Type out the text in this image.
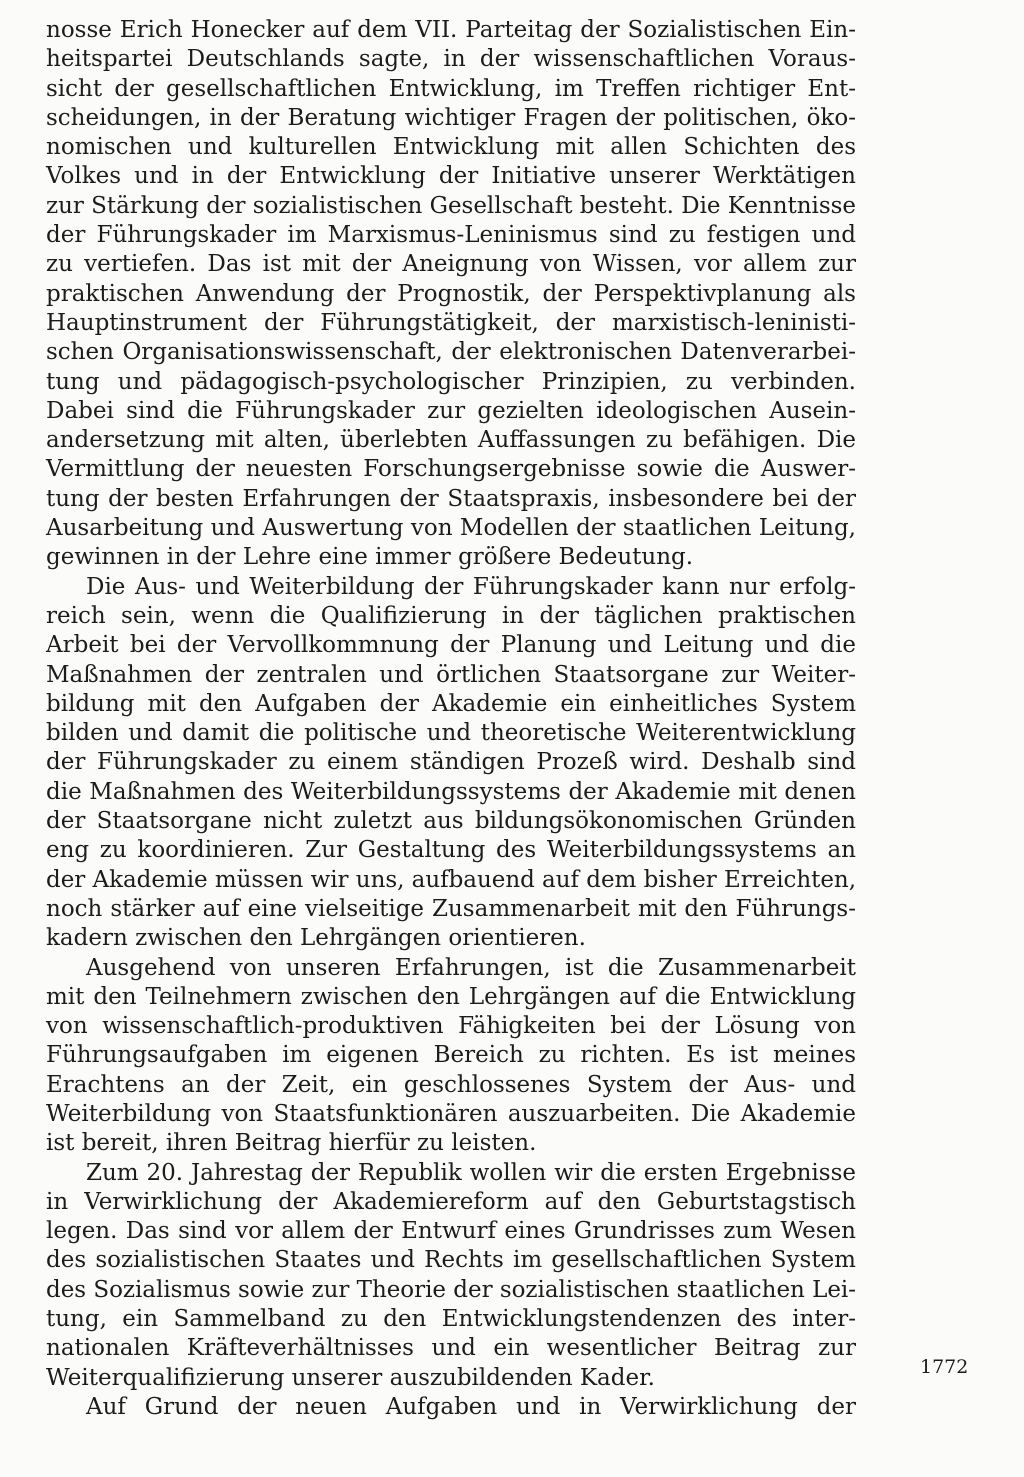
nosse Erich Honecker auf dem VII. Parteitag der Sozialistischen Ein-
heitspartei Deutschlands sagte, in der wissenschaftlichen Voraus-
sicht der gesellschaftlichen Entwicklung, im Treffen richtiger Ent-
scheidungen, in der Beratung wichtiger Fragen der politischen, öko-
nomischen und kulturellen Entwicklung mit allen Schichten des
Volkes und in der Entwicklung der Initiative unserer Werktätigen
zur Stärkung der sozialistischen Gesellschaft besteht. Die Kenntnisse
der Führungskader im Marxismus-Leninismus sind zu festigen und
zu vertiefen. Das ist mit der Aneignung von Wissen, vor allem zur
praktischen Anwendung der Prognostik, der Perspektivplanung als
Hauptinstrument der Führungstätigkeit, der marxistisch-leninisti-
schen Organisationswissenschaft, der elektronischen Datenverarbei-
tung und pädagogisch-psychologischer Prinzipien, zu verbinden.
Dabei sind die Führungskader zur gezielten ideologischen Ausein-
andersetzung mit alten, überlebten Auffassungen zu befähigen. Die
Vermittlung der neuesten Forschungsergebnisse sowie die Auswer-
tung der besten Erfahrungen der Staatspraxis, insbesondere bei der
Ausarbeitung und Auswertung von Modellen der staatlichen Leitung,
gewinnen in der Lehre eine immer größere Bedeutung.
Die Aus- und Weiterbildung der Führungskader kann nur erfolg-
reich sein, wenn die Qualifizierung in der täglichen praktischen
Arbeit bei der Vervollkommnung der Planung und Leitung und die
Maßnahmen der zentralen und örtlichen Staatsorgane zur Weiter-
bildung mit den Aufgaben der Akademie ein einheitliches System
bilden und damit die politische und theoretische Weiterentwicklung
der Führungskader zu einem ständigen Prozeß wird. Deshalb sind
die Maßnahmen des Weiterbildungssystems der Akademie mit denen
der Staatsorgane nicht zuletzt aus bildungsökonomischen Gründen
eng zu koordinieren. Zur Gestaltung des Weiterbildungssystems an
der Akademie müssen wir uns, aufbauend auf dem bisher Erreichten,
noch stärker auf eine vielseitige Zusammenarbeit mit den Führungs-
kadern zwischen den Lehrgängen orientieren.
Ausgehend von unseren Erfahrungen, ist die Zusammenarbeit
mit den Teilnehmern zwischen den Lehrgängen auf die Entwicklung
von wissenschaftlich-produktiven Fähigkeiten bei der Lösung von
Führungsaufgaben im eigenen Bereich zu richten. Es ist meines
Erachtens an der Zeit, ein geschlossenes System der Aus- und
Weiterbildung von Staatsfunktionären auszuarbeiten. Die Akademie
ist bereit, ihren Beitrag hierfür zu leisten.
Zum 20. Jahrestag der Republik wollen wir die ersten Ergebnisse
in Verwirklichung der Akademiereform auf den Geburtstagstisch
legen. Das sind vor allem der Entwurf eines Grundrisses zum Wesen
des sozialistischen Staates und Rechts im gesellschaftlichen System
des Sozialismus sowie zur Theorie der sozialistischen staatlichen Lei-
tung, ein Sammelband zu den Entwicklungstendenzen des inter-
nationalen Kräfteverhältnisses und ein wesentlicher Beitrag zur
Weiterqualifizierung unserer auszubildenden Kader.
Auf Grund der neuen Aufgaben und in Verwirklichung der
1772
